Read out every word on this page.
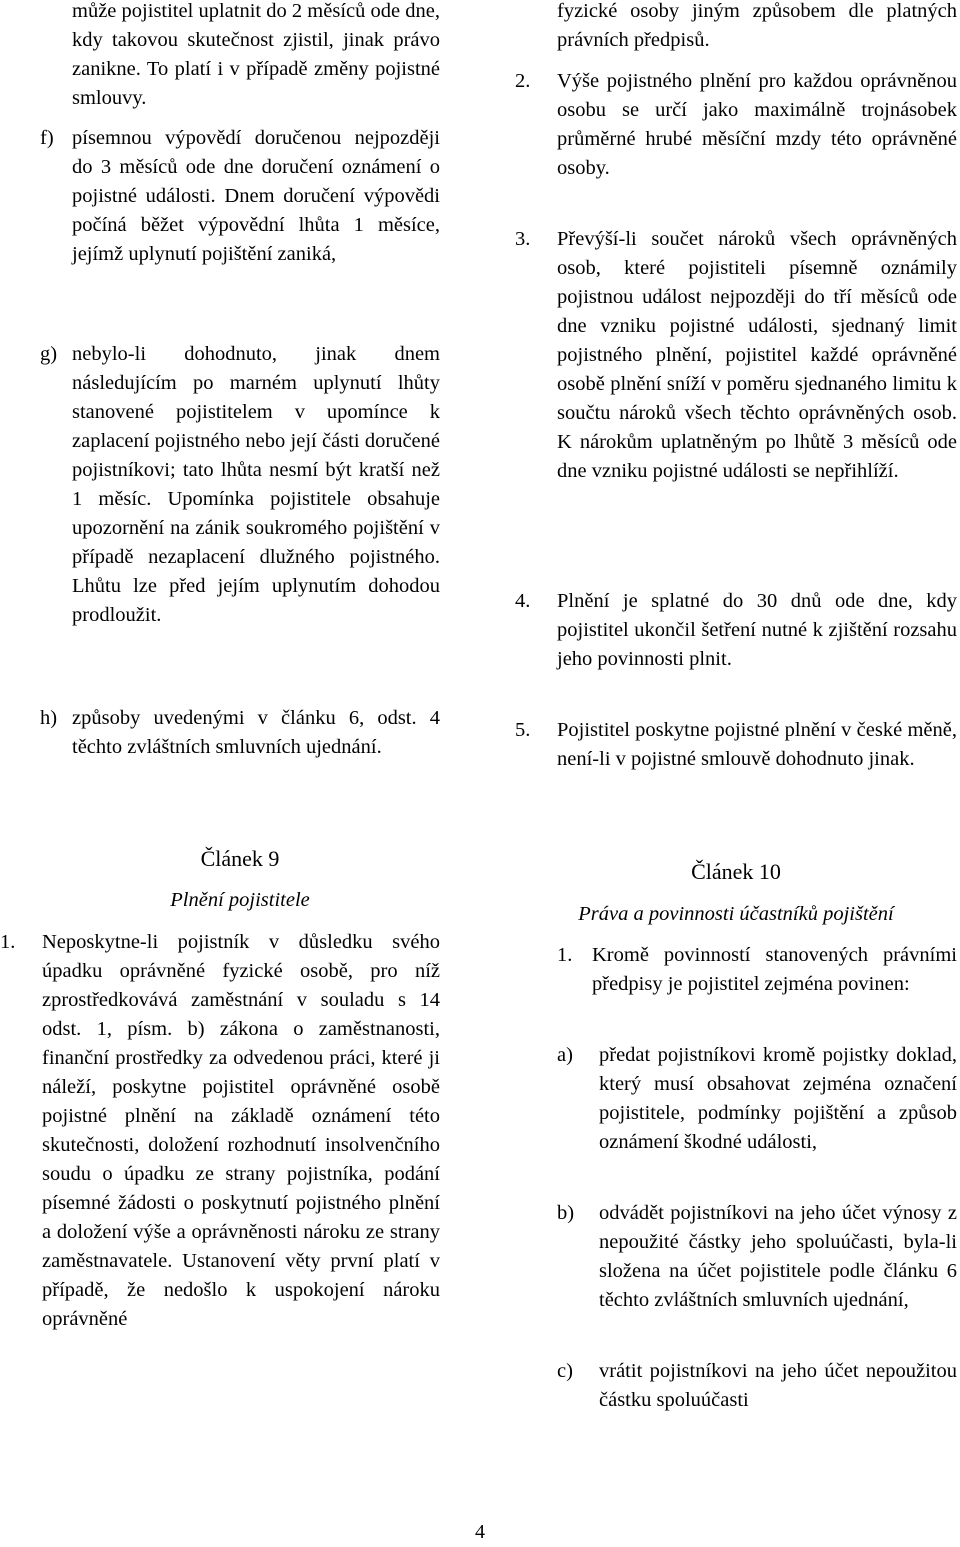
může pojistitel uplatnit do 2 měsíců ode dne, kdy takovou skutečnost zjistil, jinak právo zanikne. To platí i v případě změny pojistné smlouvy.
f) písemnou výpovědí doručenou nejpozději do 3 měsíců ode dne doručení oznámení o pojistné události. Dnem doručení výpovědi počíná běžet výpovědní lhůta 1 měsíce, jejímž uplynutí pojištění zaniká,
g) nebylo-li dohodnuto, jinak dnem následujícím po marném uplynutí lhůty stanovené pojistitelem v upomínce k zaplacení pojistného nebo její části doručené pojistníkovi; tato lhůta nesmí být kratší než 1 měsíc. Upomínka pojistitele obsahuje upozornění na zánik soukromého pojištění v případě nezaplacení dlužného pojistného. Lhůtu lze před jejím uplynutím dohodou prodloužit.
h) způsoby uvedenými v článku 6, odst. 4 těchto zvláštních smluvních ujednání.
Článek 9
Plnění pojistitele
1. Neposkytne-li pojistník v důsledku svého úpadku oprávněné fyzické osobě, pro níž zprostředkovává zaměstnání v souladu s 14 odst. 1, písm. b) zákona o zaměstnanosti, finanční prostředky za odvedenou práci, které ji náleží, poskytne pojistitel oprávněné osobě pojistné plnění na základě oznámení této skutečnosti, doložení rozhodnutí insolvenčního soudu o úpadku ze strany pojistníka, podání písemné žádosti o poskytnutí pojistného plnění a doložení výše a oprávněnosti nároku ze strany zaměstnavatele. Ustanovení věty první platí v případě, že nedošlo k uspokojení nároku oprávněné
fyzické osoby jiným způsobem dle platných právních předpisů.
2. Výše pojistného plnění pro každou oprávněnou osobu se určí jako maximálně trojnásobek průměrné hrubé měsíční mzdy této oprávněné osoby.
3. Převýší-li součet nároků všech oprávněných osob, které pojistiteli písemně oznámily pojistnou událost nejpozději do tří měsíců ode dne vzniku pojistné události, sjednaný limit pojistného plnění, pojistitel každé oprávněné osobě plnění sníží v poměru sjednaného limitu k součtu nároků všech těchto oprávněných osob. K nárokům uplatněným po lhůtě 3 měsíců ode dne vzniku pojistné události se nepřihlíží.
4. Plnění je splatné do 30 dnů ode dne, kdy pojistitel ukončil šetření nutné k zjištění rozsahu jeho povinnosti plnit.
5. Pojistitel poskytne pojistné plnění v české měně, není-li v pojistné smlouvě dohodnuto jinak.
Článek 10
Práva a povinnosti účastníků pojištění
1. Kromě povinností stanovených právními předpisy je pojistitel zejména povinen:
a) předat pojistníkovi kromě pojistky doklad, který musí obsahovat zejména označení pojistitele, podmínky pojištění a způsob oznámení škodné události,
b) odvádět pojistníkovi na jeho účet výnosy z nepoužité částky jeho spoluúčasti, byla-li složena na účet pojistitele podle článku 6 těchto zvláštních smluvních ujednání,
c) vrátit pojistníkovi na jeho účet nepoužitou částku spoluúčasti
4
